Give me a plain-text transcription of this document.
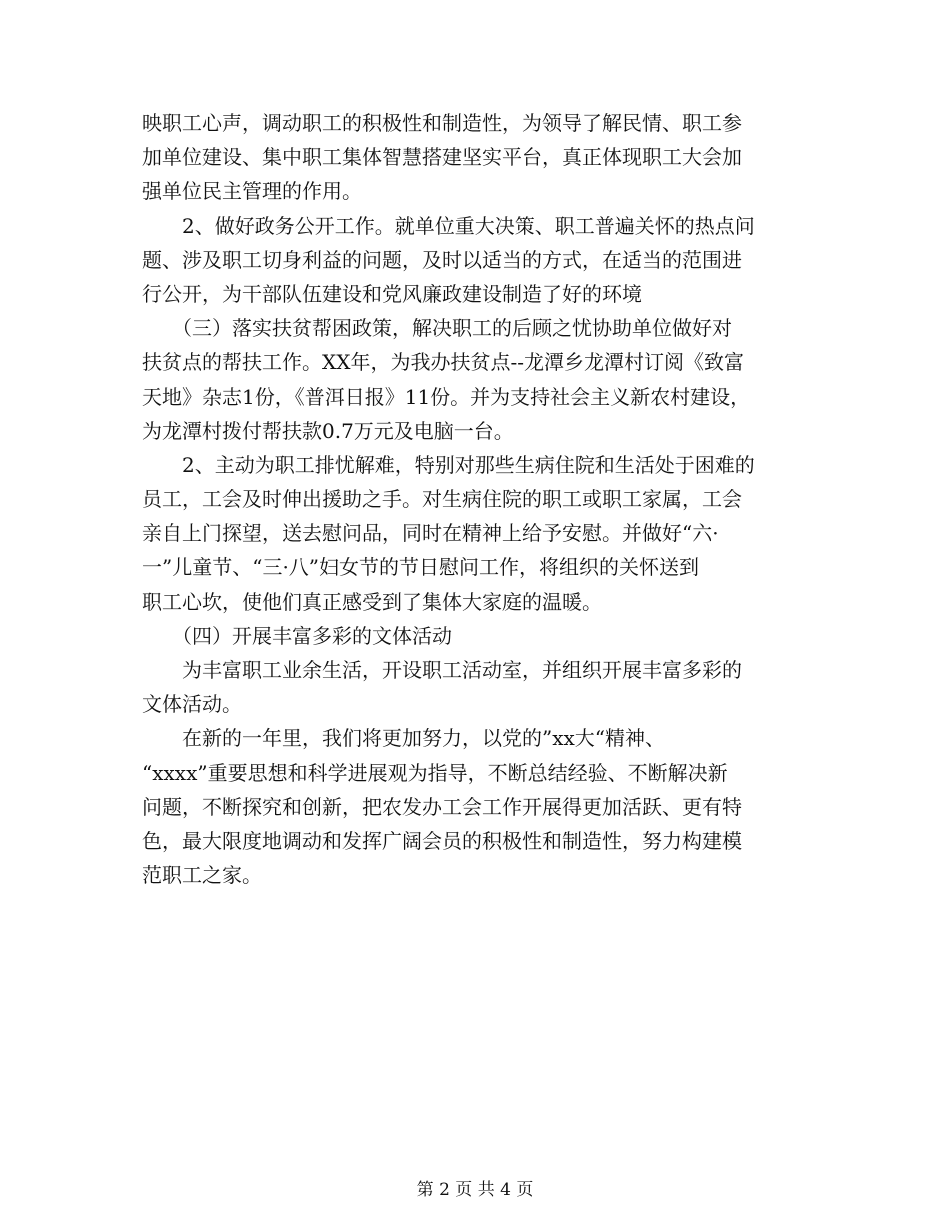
映职工心声，调动职工的积极性和制造性，为领导了解民情、职工参
加单位建设、集中职工集体智慧搭建坚实平台，真正体现职工大会加
强单位民主管理的作用。
　　2、做好政务公开工作。就单位重大决策、职工普遍关怀的热点问
题、涉及职工切身利益的问题，及时以适当的方式，在适当的范围进
行公开，为干部队伍建设和党风廉政建设制造了好的环境
　　（三）落实扶贫帮困政策，解决职工的后顾之忧协助单位做好对
扶贫点的帮扶工作。XX年，为我办扶贫点--龙潭乡龙潭村订阅《致富
天地》杂志1份，《普洱日报》11份。并为支持社会主义新农村建设，
为龙潭村拨付帮扶款0.7万元及电脑一台。
　　2、主动为职工排忧解难，特别对那些生病住院和生活处于困难的
员工，工会及时伸出援助之手。对生病住院的职工或职工家属，工会
亲自上门探望，送去慰问品，同时在精神上给予安慰。并做好“六·
一”儿童节、“三·八”妇女节的节日慰问工作，将组织的关怀送到
职工心坎，使他们真正感受到了集体大家庭的温暖。
　　（四）开展丰富多彩的文体活动
　　为丰富职工业余生活，开设职工活动室，并组织开展丰富多彩的
文体活动。
　　在新的一年里，我们将更加努力，以党的”xx大“精神、
“xxxx”重要思想和科学进展观为指导，不断总结经验、不断解决新
问题，不断探究和创新，把农发办工会工作开展得更加活跃、更有特
色，最大限度地调动和发挥广阔会员的积极性和制造性，努力构建模
范职工之家。
第 2 页 共 4 页
